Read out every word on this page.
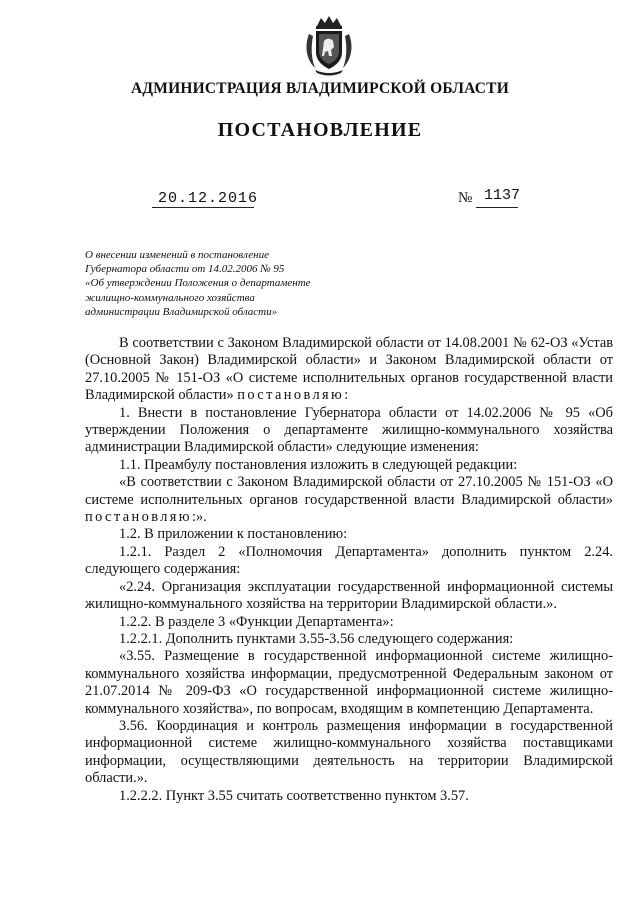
АДМИНИСТРАЦИЯ ВЛАДИМИРСКОЙ ОБЛАСТИ
ПОСТАНОВЛЕНИЕ
20.12.2016	№ 1137
О внесении изменений в постановление
Губернатора области от 14.02.2006 № 95
«Об утверждении Положения о департаменте
жилищно-коммунального хозяйства
администрации Владимирской области»

В соответствии с Законом Владимирской области от 14.08.2001 № 62-ОЗ «Устав (Основной Закон) Владимирской области» и Законом Владимирской области от 27.10.2005 № 151-ОЗ «О системе исполнительных органов государственной власти Владимирской области» постановляю:

1. Внести в постановление Губернатора области от 14.02.2006 № 95 «Об утверждении Положения о департаменте жилищно-коммунального хозяйства администрации Владимирской области» следующие изменения:

1.1. Преамбулу постановления изложить в следующей редакции:

«В соответствии с Законом Владимирской области от 27.10.2005 № 151-ОЗ «О системе исполнительных органов государственной власти Владимирской области» постановляю:».

1.2. В приложении к постановлению:

1.2.1. Раздел 2 «Полномочия Департамента» дополнить пунктом 2.24. следующего содержания:

«2.24. Организация эксплуатации государственной информационной системы жилищно-коммунального хозяйства на территории Владимирской области.».

1.2.2. В разделе 3 «Функции Департамента»:

1.2.2.1. Дополнить пунктами 3.55-3.56 следующего содержания:

«3.55. Размещение в государственной информационной системе жилищно-коммунального хозяйства информации, предусмотренной Федеральным законом от 21.07.2014 № 209-ФЗ «О государственной информационной системе жилищно-коммунального хозяйства», по вопросам, входящим в компетенцию Департамента.

3.56. Координация и контроль размещения информации в государственной информационной системе жилищно-коммунального хозяйства поставщиками информации, осуществляющими деятельность на территории Владимирской области.».

1.2.2.2. Пункт 3.55 считать соответственно пунктом 3.57.
